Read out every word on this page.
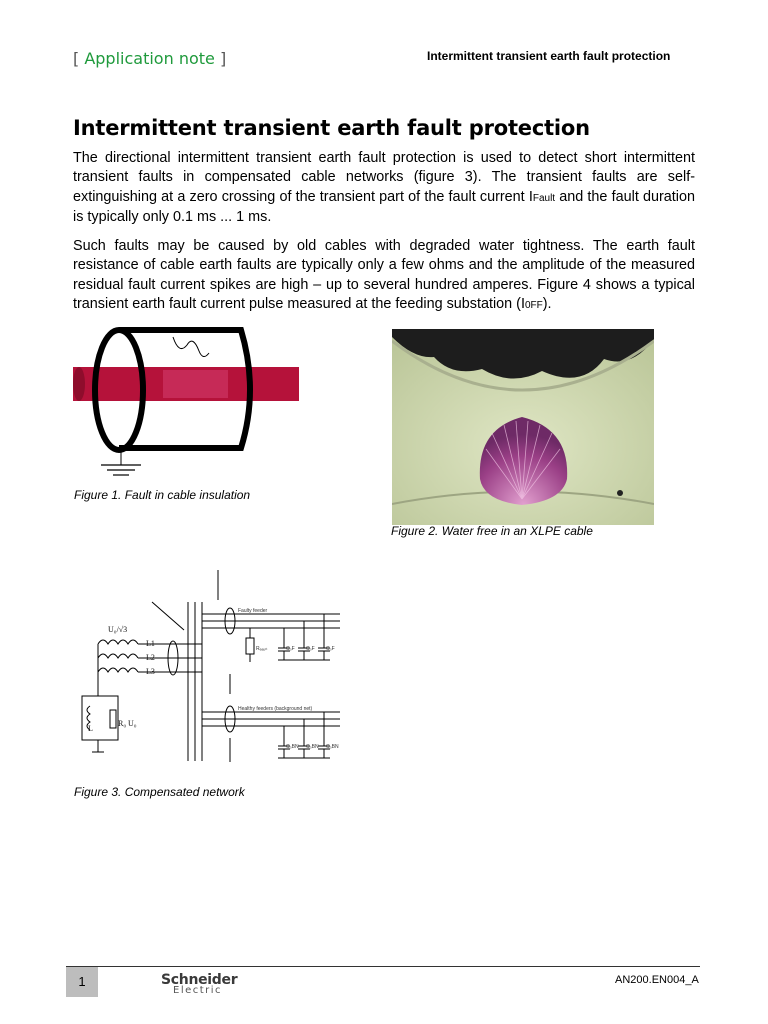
[ Application note ]	Intermittent transient earth fault protection
Intermittent transient earth fault protection

The directional intermittent transient earth fault protection is used to detect short intermittent transient faults in compensated cable networks (figure 3). The transient faults are self-extinguishing at a zero crossing of the transient part of the fault current IFault and the fault duration is typically only 0.1 ms ... 1 ms.

Such faults may be caused by old cables with degraded water tightness. The earth fault resistance of cable earth faults are typically only a few ohms and the amplitude of the measured residual fault current spikes are high – up to several hundred amperes. Figure 4 shows a typical transient earth fault current pulse measured at the feeding substation (I0FF).

Figure 1. Fault in cable insulation
Figure 2. Water free in an XLPE cable
Faulty feeder
Healthy feeders (background net)
U₀/√3
L1
L2
L3
L
R₀ U₀
Rₑₐᵤₗₜ	C₀F C₀F C₀F
C₀BN C₀BN C₀BN
Figure 3. Compensated network
1	Schneider
Electric
AN200.EN004_A
